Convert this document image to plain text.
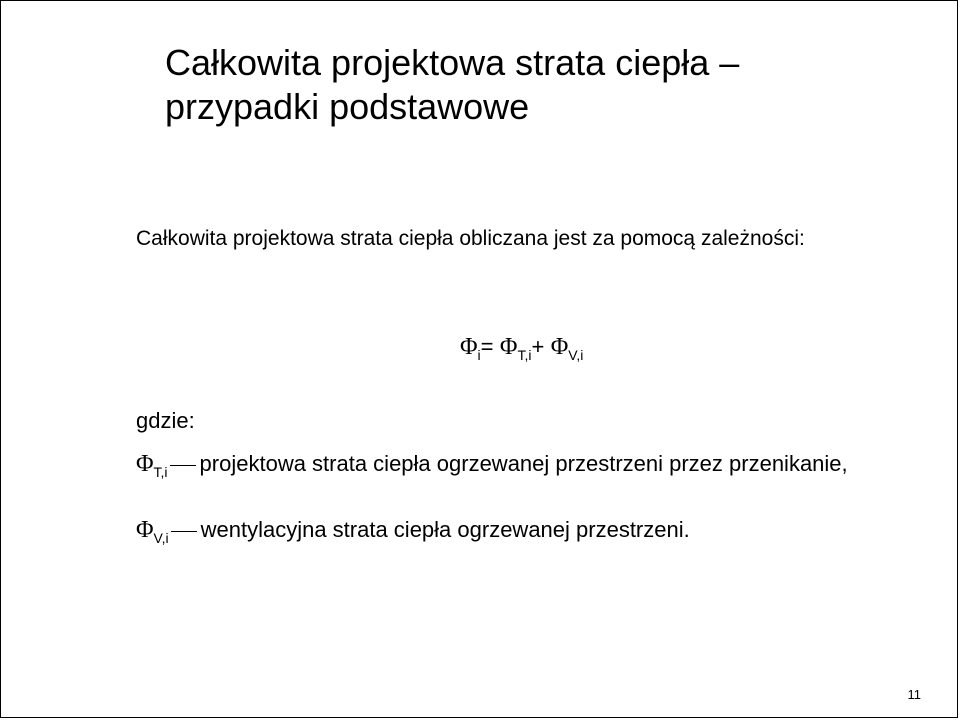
Całkowita projektowa strata ciepła –
przypadki podstawowe

Całkowita projektowa strata ciepła obliczana jest za pomocą zależności:

$\Phi_i= \Phi_{T,i}+ \Phi_{V,i}$

gdzie:

$\Phi_{T,i}$ projektowa strata ciepła ogrzewanej przestrzeni przez przenikanie,

$\Phi_{V,i}$ wentylacyjna strata ciepła ogrzewanej przestrzeni.

11
